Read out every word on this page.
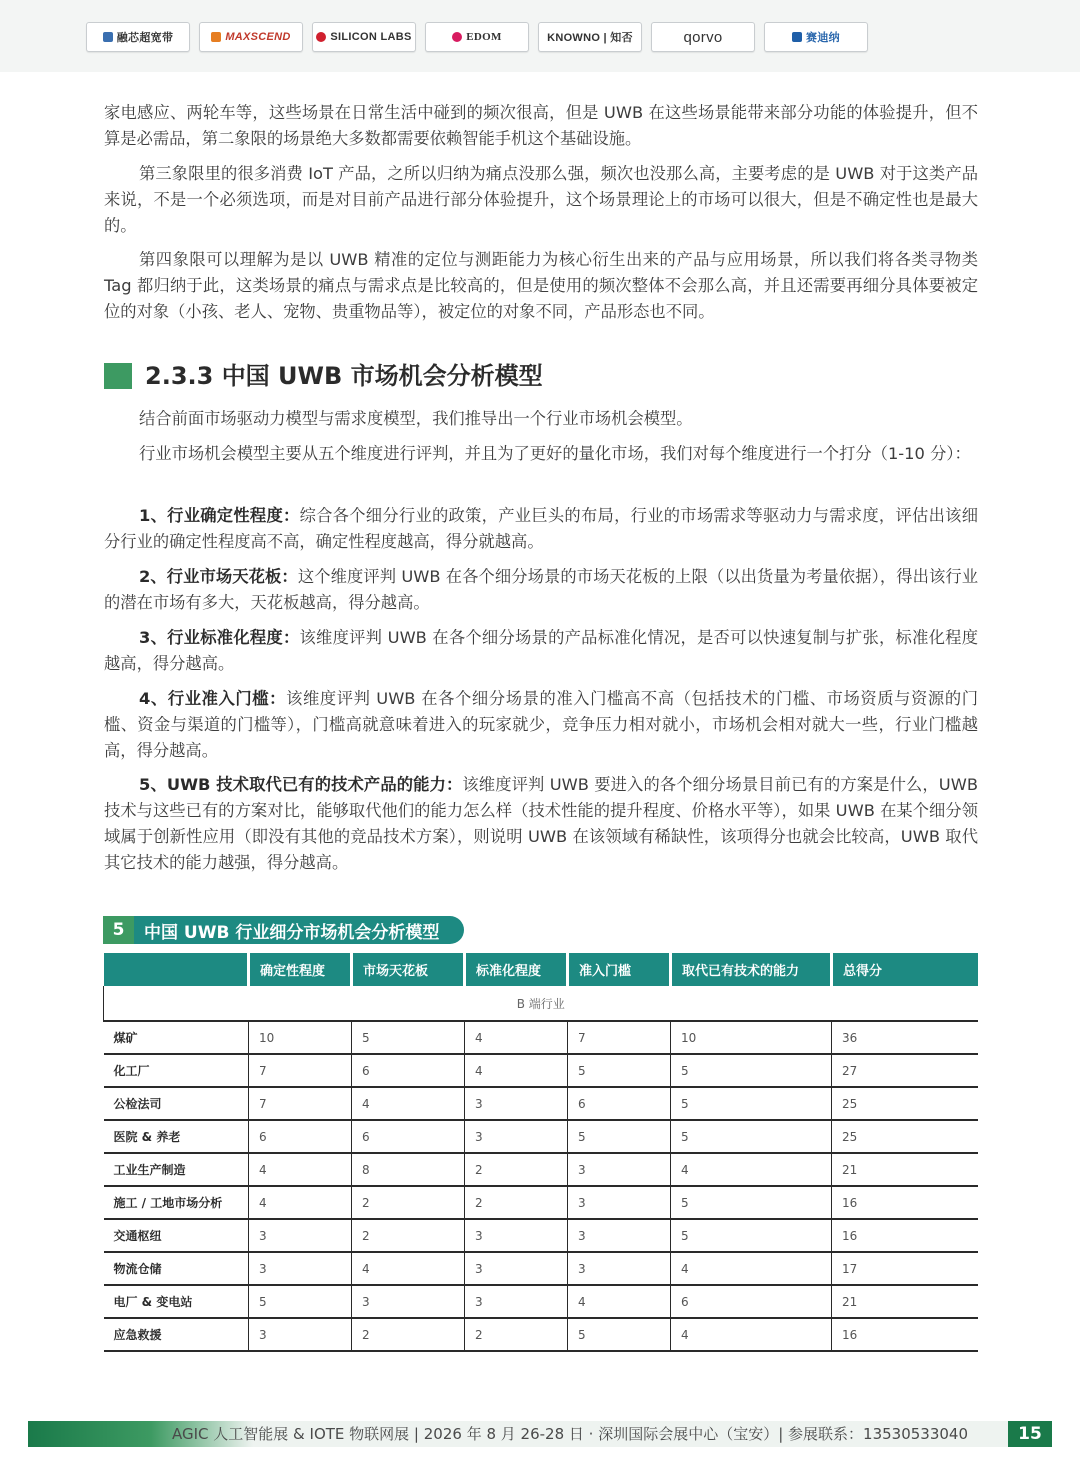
融芯超宽带	MAXSCEND	SILICON LABS	EDOM	KNOWNO | 知否	qorvo	赛迪纳

家电感应、两轮车等，这些场景在日常生活中碰到的频次很高，但是 UWB 在这些场景能带来部分功能的体验提升，但不算是必需品，第二象限的场景绝大多数都需要依赖智能手机这个基础设施。

第三象限里的很多消费 IoT 产品，之所以归纳为痛点没那么强，频次也没那么高，主要考虑的是 UWB 对于这类产品来说，不是一个必须选项，而是对目前产品进行部分体验提升，这个场景理论上的市场可以很大，但是不确定性也是最大的。

第四象限可以理解为是以 UWB 精准的定位与测距能力为核心衍生出来的产品与应用场景，所以我们将各类寻物类 Tag 都归纳于此，这类场景的痛点与需求点是比较高的，但是使用的频次整体不会那么高，并且还需要再细分具体要被定位的对象（小孩、老人、宠物、贵重物品等），被定位的对象不同，产品形态也不同。

2.3.3 中国 UWB 市场机会分析模型

结合前面市场驱动力模型与需求度模型，我们推导出一个行业市场机会模型。

行业市场机会模型主要从五个维度进行评判，并且为了更好的量化市场，我们对每个维度进行一个打分（1-10 分）：

1、行业确定性程度：综合各个细分行业的政策，产业巨头的布局，行业的市场需求等驱动力与需求度，评估出该细分行业的确定性程度高不高，确定性程度越高，得分就越高。

2、行业市场天花板：这个维度评判 UWB 在各个细分场景的市场天花板的上限（以出货量为考量依据），得出该行业的潜在市场有多大，天花板越高，得分越高。

3、行业标准化程度：该维度评判 UWB 在各个细分场景的产品标准化情况，是否可以快速复制与扩张，标准化程度越高，得分越高。

4、行业准入门槛：该维度评判 UWB 在各个细分场景的准入门槛高不高（包括技术的门槛、市场资质与资源的门槛、资金与渠道的门槛等），门槛高就意味着进入的玩家就少，竞争压力相对就小，市场机会相对就大一些，行业门槛越高，得分越高。

5、UWB 技术取代已有的技术产品的能力：该维度评判 UWB 要进入的各个细分场景目前已有的方案是什么，UWB 技术与这些已有的方案对比，能够取代他们的能力怎么样（技术性能的提升程度、价格水平等），如果 UWB 在某个细分领域属于创新性应用（即没有其他的竞品技术方案），则说明 UWB 在该领域有稀缺性，该项得分也就会比较高，UWB 取代其它技术的能力越强，得分越高。

5	中国 UWB 行业细分市场机会分析模型
	确定性程度	市场天花板	标准化程度	准入门槛	取代已有技术的能力	总得分
B 端行业						
煤矿	10	5	4	7	10	36
化工厂	7	6	4	5	5	27
公检法司	7	4	3	6	5	25
医院 & 养老	6	6	3	5	5	25
工业生产制造	4	8	2	3	4	21
施工 / 工地市场分析	4	2	2	3	5	16
交通枢纽	3	2	3	3	5	16
物流仓储	3	4	3	3	4	17
电厂 & 变电站	5	3	3	4	6	21
应急救援	3	2	2	5	4	16
AGIC 人工智能展 & IOTE 物联网展 | 2026 年 8 月 26-28 日 · 深圳国际会展中心（宝安）| 参展联系：13530533040	15
